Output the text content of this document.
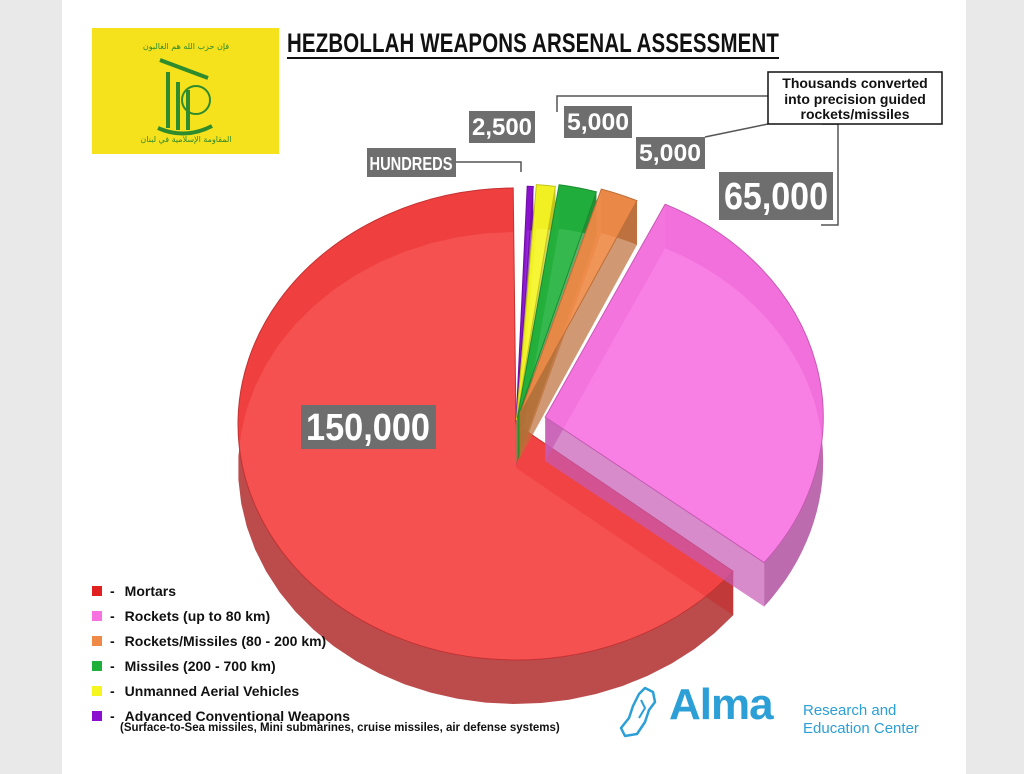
فإن حزب الله هم الغالبون
المقاومة الإسلامية في لبنان
HEZBOLLAH WEAPONS ARSENAL ASSESSMENT
Thousands converted
into precision guided
rockets/missiles
HUNDREDS
2,500 5,000
5,000
65,000
150,000
- Mortars
- Rockets (up to 80 km)
- Rockets/Missiles (80 - 200 km)
- Missiles (200 - 700 km)
- Unmanned Aerial Vehicles
- Advanced Conventional Weapons
(Surface-to-Sea missiles, Mini submarines, cruise missiles, air defense systems)	Alma Research and
Education Center
